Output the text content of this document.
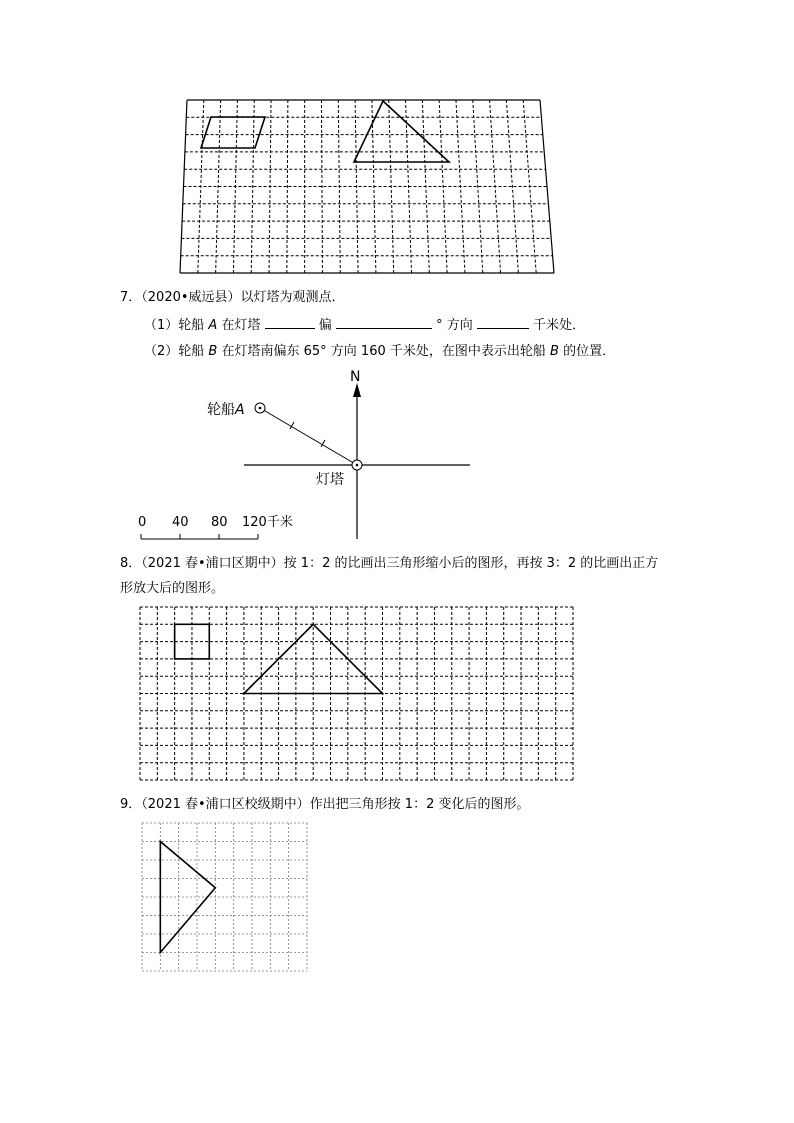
7．（2020•威远县）以灯塔为观测点．
（1）轮船 A 在灯塔	偏	° 方向	千米处．
（2）轮船 B 在灯塔南偏东 65° 方向 160 千米处，在图中表示出轮船 B 的位置．
N
轮船A
灯塔
0 40 80 120千米
8．（2021 春•浦口区期中）按 1：2 的比画出三角形缩小后的图形，再按 3：2 的比画出正方
形放大后的图形。
9．（2021 春•浦口区校级期中）作出把三角形按 1：2 变化后的图形。
